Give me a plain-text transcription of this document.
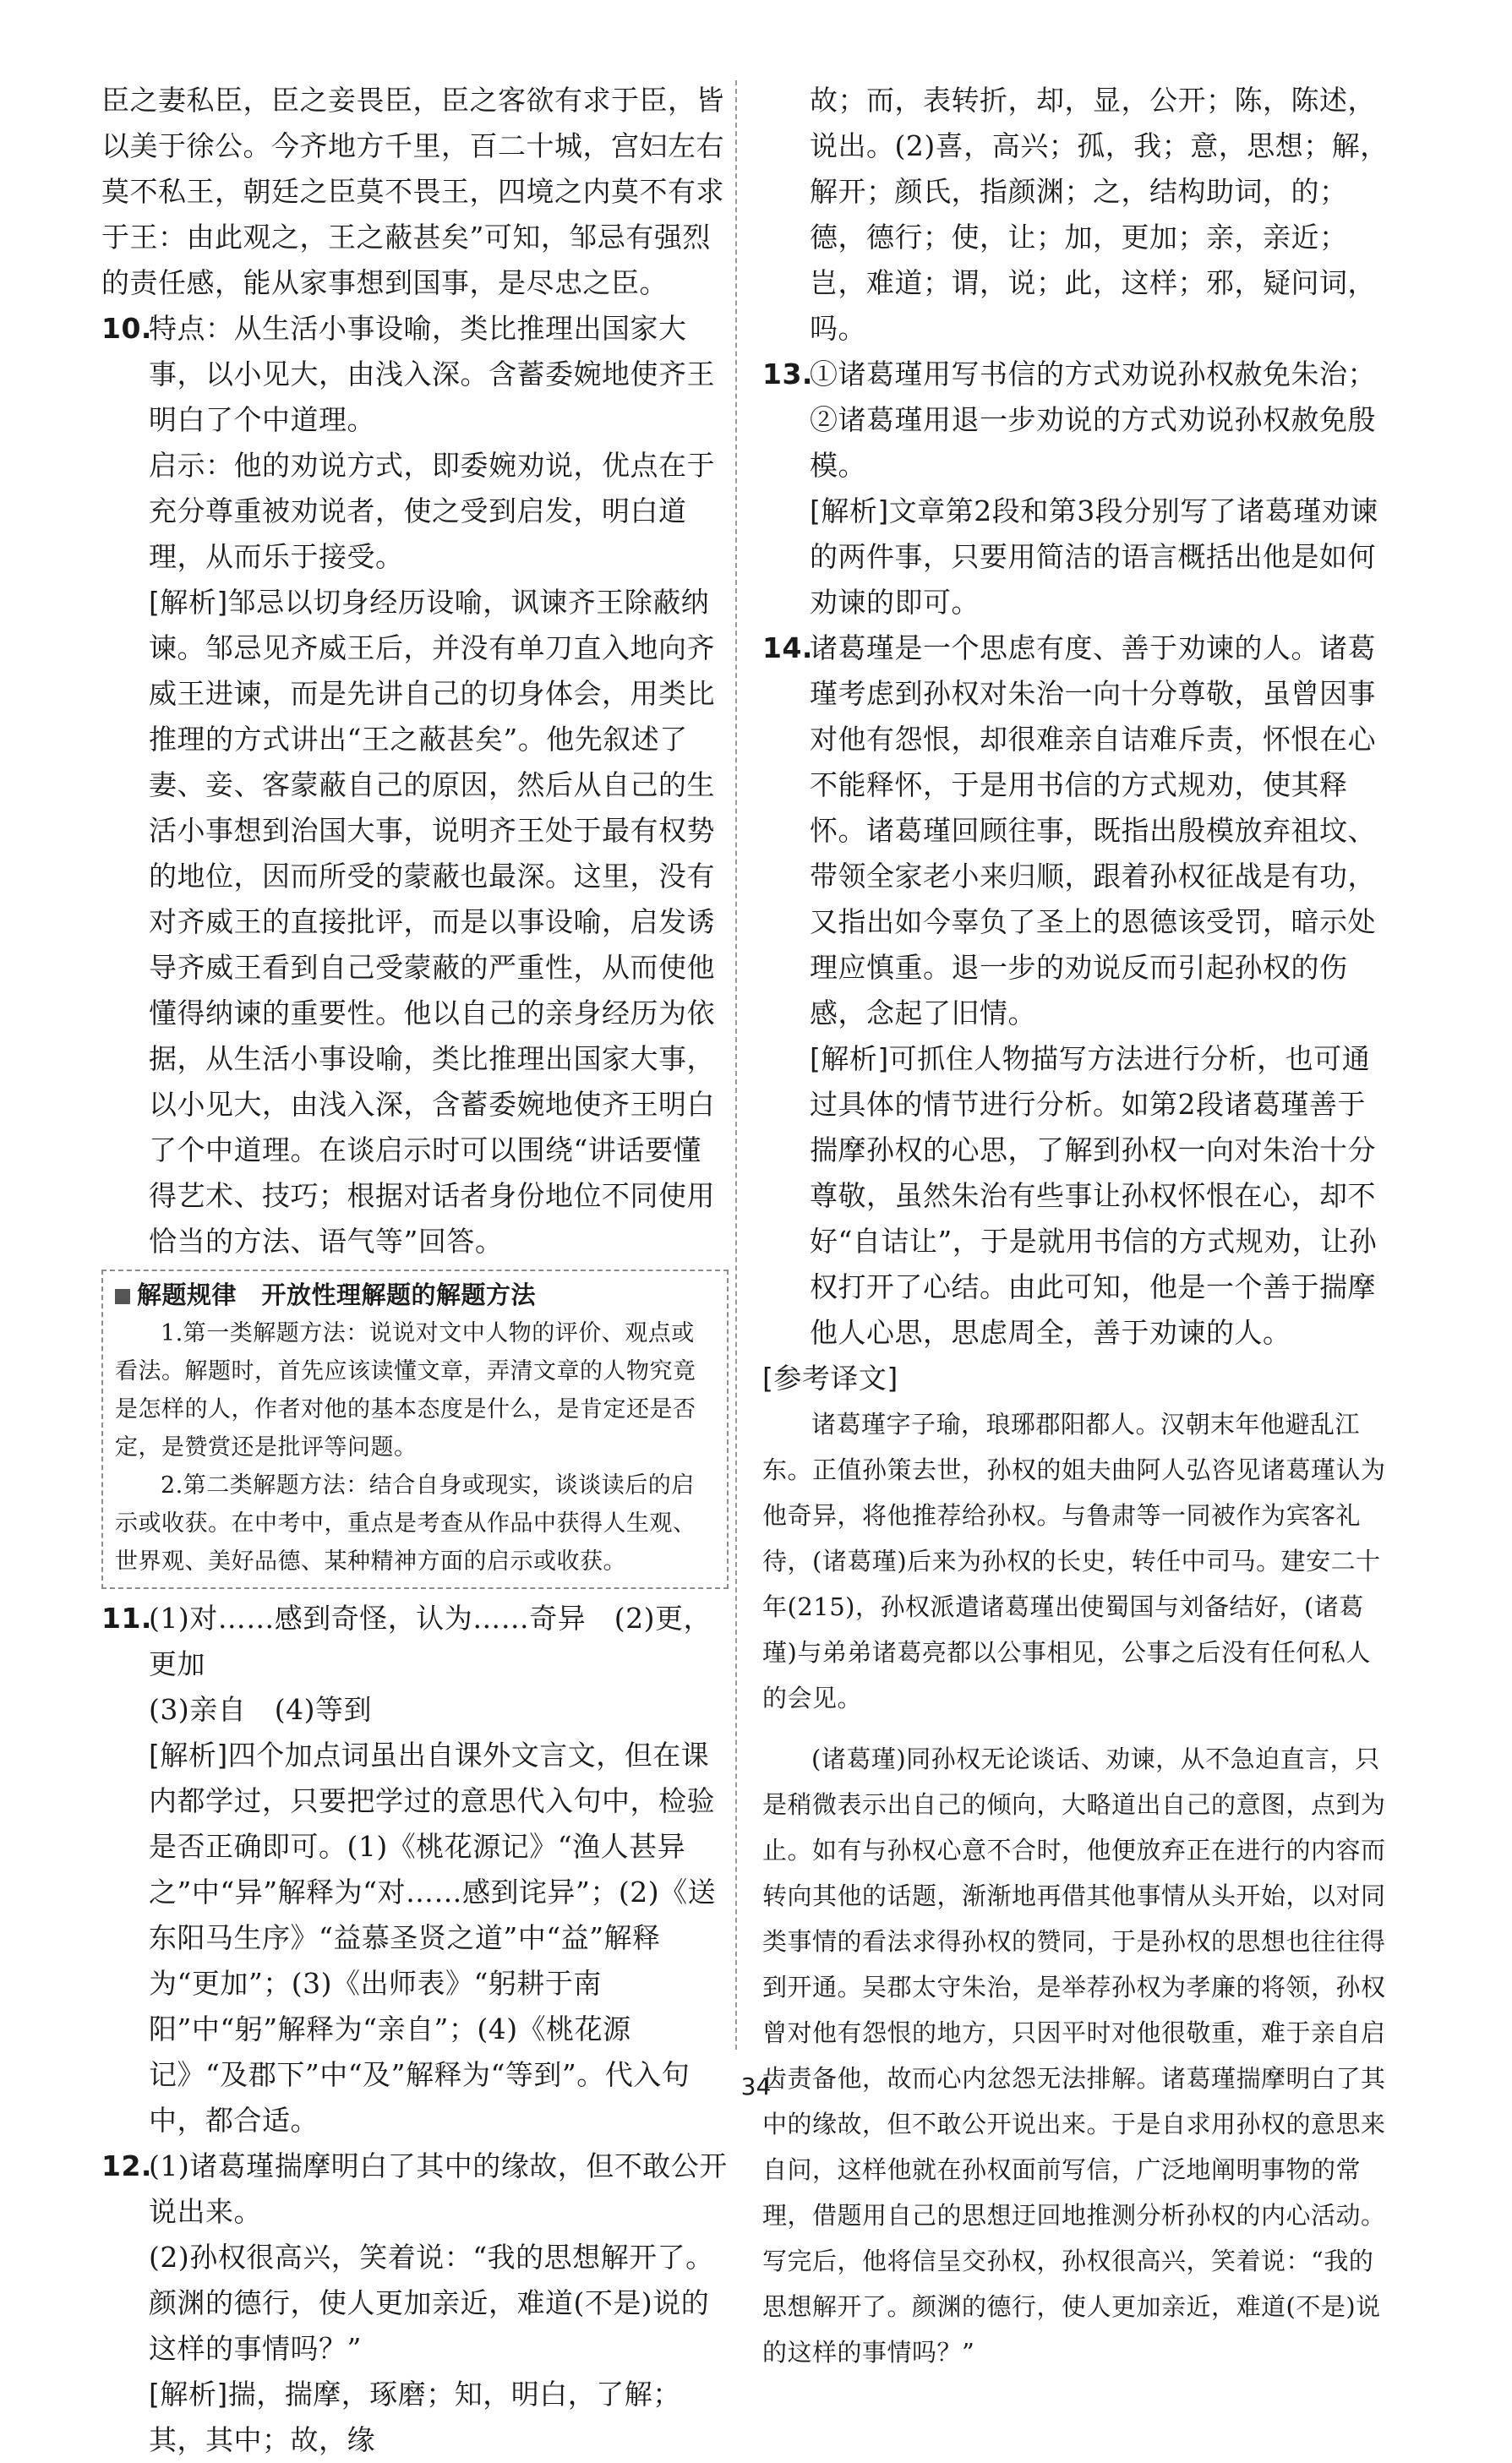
臣之妻私臣，臣之妾畏臣，臣之客欲有求于臣，皆以美于徐公。今齐地方千里，百二十城，宫妇左右莫不私王，朝廷之臣莫不畏王，四境之内莫不有求于王：由此观之，王之蔽甚矣”可知，邹忌有强烈的责任感，能从家事想到国事，是尽忠之臣。

10.

特点：从生活小事设喻，类比推理出国家大事，以小见大，由浅入深。含蓄委婉地使齐王明白了个中道理。

启示：他的劝说方式，即委婉劝说，优点在于充分尊重被劝说者，使之受到启发，明白道理，从而乐于接受。

[解析]邹忌以切身经历设喻，讽谏齐王除蔽纳谏。邹忌见齐威王后，并没有单刀直入地向齐威王进谏，而是先讲自己的切身体会，用类比推理的方式讲出“王之蔽甚矣”。他先叙述了妻、妾、客蒙蔽自己的原因，然后从自己的生活小事想到治国大事，说明齐王处于最有权势的地位，因而所受的蒙蔽也最深。这里，没有对齐威王的直接批评，而是以事设喻，启发诱导齐威王看到自己受蒙蔽的严重性，从而使他懂得纳谏的重要性。他以自己的亲身经历为依据，从生活小事设喻，类比推理出国家大事，以小见大，由浅入深，含蓄委婉地使齐王明白了个中道理。在谈启示时可以围绕“讲话要懂得艺术、技巧；根据对话者身份地位不同使用恰当的方法、语气等”回答。

解题规律　开放性理解题的解题方法

1.第一类解题方法：说说对文中人物的评价、观点或看法。解题时，首先应该读懂文章，弄清文章的人物究竟是怎样的人，作者对他的基本态度是什么，是肯定还是否定，是赞赏还是批评等问题。

2.第二类解题方法：结合自身或现实，谈谈读后的启示或收获。在中考中，重点是考查从作品中获得人生观、世界观、美好品德、某种精神方面的启示或收获。

11.

(1)对……感到奇怪，认为……奇异　(2)更，更加

(3)亲自　(4)等到

[解析]四个加点词虽出自课外文言文，但在课内都学过，只要把学过的意思代入句中，检验是否正确即可。(1)《桃花源记》“渔人甚异之”中“异”解释为“对……感到诧异”；(2)《送东阳马生序》“益慕圣贤之道”中“益”解释为“更加”；(3)《出师表》“躬耕于南阳”中“躬”解释为“亲自”；(4)《桃花源记》“及郡下”中“及”解释为“等到”。代入句中，都合适。

12.

(1)诸葛瑾揣摩明白了其中的缘故，但不敢公开说出来。

(2)孙权很高兴，笑着说：“我的思想解开了。颜渊的德行，使人更加亲近，难道(不是)说的这样的事情吗？”

[解析]揣，揣摩，琢磨；知，明白，了解；其，其中；故，缘

故；而，表转折，却，显，公开；陈，陈述，说出。(2)喜，高兴；孤，我；意，思想；解，解开；颜氏，指颜渊；之，结构助词，的；德，德行；使，让；加，更加；亲，亲近；岂，难道；谓，说；此，这样；邪，疑问词，吗。

13.

①诸葛瑾用写书信的方式劝说孙权赦免朱治；②诸葛瑾用退一步劝说的方式劝说孙权赦免殷模。

[解析]文章第2段和第3段分别写了诸葛瑾劝谏的两件事，只要用简洁的语言概括出他是如何劝谏的即可。

14.

诸葛瑾是一个思虑有度、善于劝谏的人。诸葛瑾考虑到孙权对朱治一向十分尊敬，虽曾因事对他有怨恨，却很难亲自诘难斥责，怀恨在心不能释怀，于是用书信的方式规劝，使其释怀。诸葛瑾回顾往事，既指出殷模放弃祖坟、带领全家老小来归顺，跟着孙权征战是有功，又指出如今辜负了圣上的恩德该受罚，暗示处理应慎重。退一步的劝说反而引起孙权的伤感，念起了旧情。

[解析]可抓住人物描写方法进行分析，也可通过具体的情节进行分析。如第2段诸葛瑾善于揣摩孙权的心思，了解到孙权一向对朱治十分尊敬，虽然朱治有些事让孙权怀恨在心，却不好“自诘让”，于是就用书信的方式规劝，让孙权打开了心结。由此可知，他是一个善于揣摩他人心思，思虑周全，善于劝谏的人。

[参考译文]

诸葛瑾字子瑜，琅琊郡阳都人。汉朝末年他避乱江东。正值孙策去世，孙权的姐夫曲阿人弘咨见诸葛瑾认为他奇异，将他推荐给孙权。与鲁肃等一同被作为宾客礼待，(诸葛瑾)后来为孙权的长史，转任中司马。建安二十年(215)，孙权派遣诸葛瑾出使蜀国与刘备结好，(诸葛瑾)与弟弟诸葛亮都以公事相见，公事之后没有任何私人的会见。

(诸葛瑾)同孙权无论谈话、劝谏，从不急迫直言，只是稍微表示出自己的倾向，大略道出自己的意图，点到为止。如有与孙权心意不合时，他便放弃正在进行的内容而转向其他的话题，渐渐地再借其他事情从头开始，以对同类事情的看法求得孙权的赞同，于是孙权的思想也往往得到开通。吴郡太守朱治，是举荐孙权为孝廉的将领，孙权曾对他有怨恨的地方，只因平时对他很敬重，难于亲自启齿责备他，故而心内忿怨无法排解。诸葛瑾揣摩明白了其中的缘故，但不敢公开说出来。于是自求用孙权的意思来自问，这样他就在孙权面前写信，广泛地阐明事物的常理，借题用自己的思想迂回地推测分析孙权的内心活动。写完后，他将信呈交孙权，孙权很高兴，笑着说：“我的思想解开了。颜渊的德行，使人更加亲近，难道(不是)说的这样的事情吗？”

34
